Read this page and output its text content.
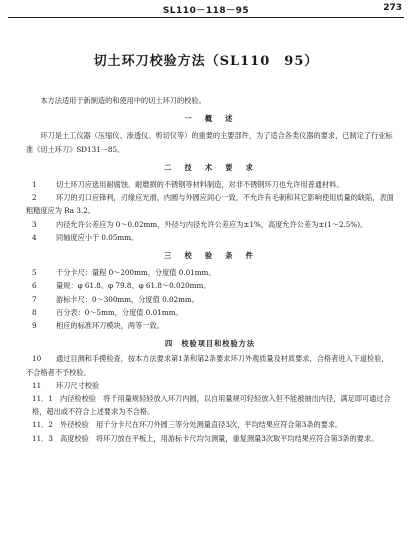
SL110－118－95	273
切土环刀校验方法（SL110　95）

本方法适用于新制造的和使用中的切土环刀的校验。

一　概　述

环刀是土工仪器（压缩仪、渗透仪、剪切仪等）的重要的主要部件，为了适合各类仪器的要求，已制定了行业标准《切土环刀》SD131－85。

二　技　术　要　求

1	切土环刀应选用耐腐蚀、耐磨损的不锈钢等材料制造，对非不锈钢环刀也允许用普通材料。

2	环刀的刃口应锋利，刃缘应光滑，内圆与外圆应同心一致，不允许有毛刺和其它影响使用质量的缺陷，表面粗糙度应为 Ra 3.2。

3	内径允许公差应为 0～0.02mm，外径与内径允许公差应为±1%，高度允许公差为±(1～2.5%)。

4	同轴度应小于 0.05mm。

三　校　验　条　件

5	千分卡尺：量程 0～200mm，分度值 0.01mm。

6	量规：φ 61.8、φ 79.8、φ 61.8～0.020mm。

7	游标卡尺：0～300mm，分度值 0.02mm。

8	百分表：0～5mm，分度值 0.01mm。

9	相应的标准环刀模块，两等一致。

四　校验项目和校验方法

10 通过目测和手摸检查，按本方法要求第1条和第2条要求环刀外观质量及材质要求，合格者进入下道检验，不合格者不予校验。

11 环刀尺寸校验

11．1 内径检校验　将千用量规轻轻放入环刀内圆，以自用量规可轻轻放入但不能被抽出内径，满足即可通过合格，超出或不符合上述要求为不合格。

11．2 外径校验　用千分卡尺在环刀外圆三等分处测量直径3次，平均结果应符合第3条的要求。

11．3 高度校验　将环刀放在平板上，用游标卡尺均匀测量，重复测量3次取平均结果应符合第3条的要求。
